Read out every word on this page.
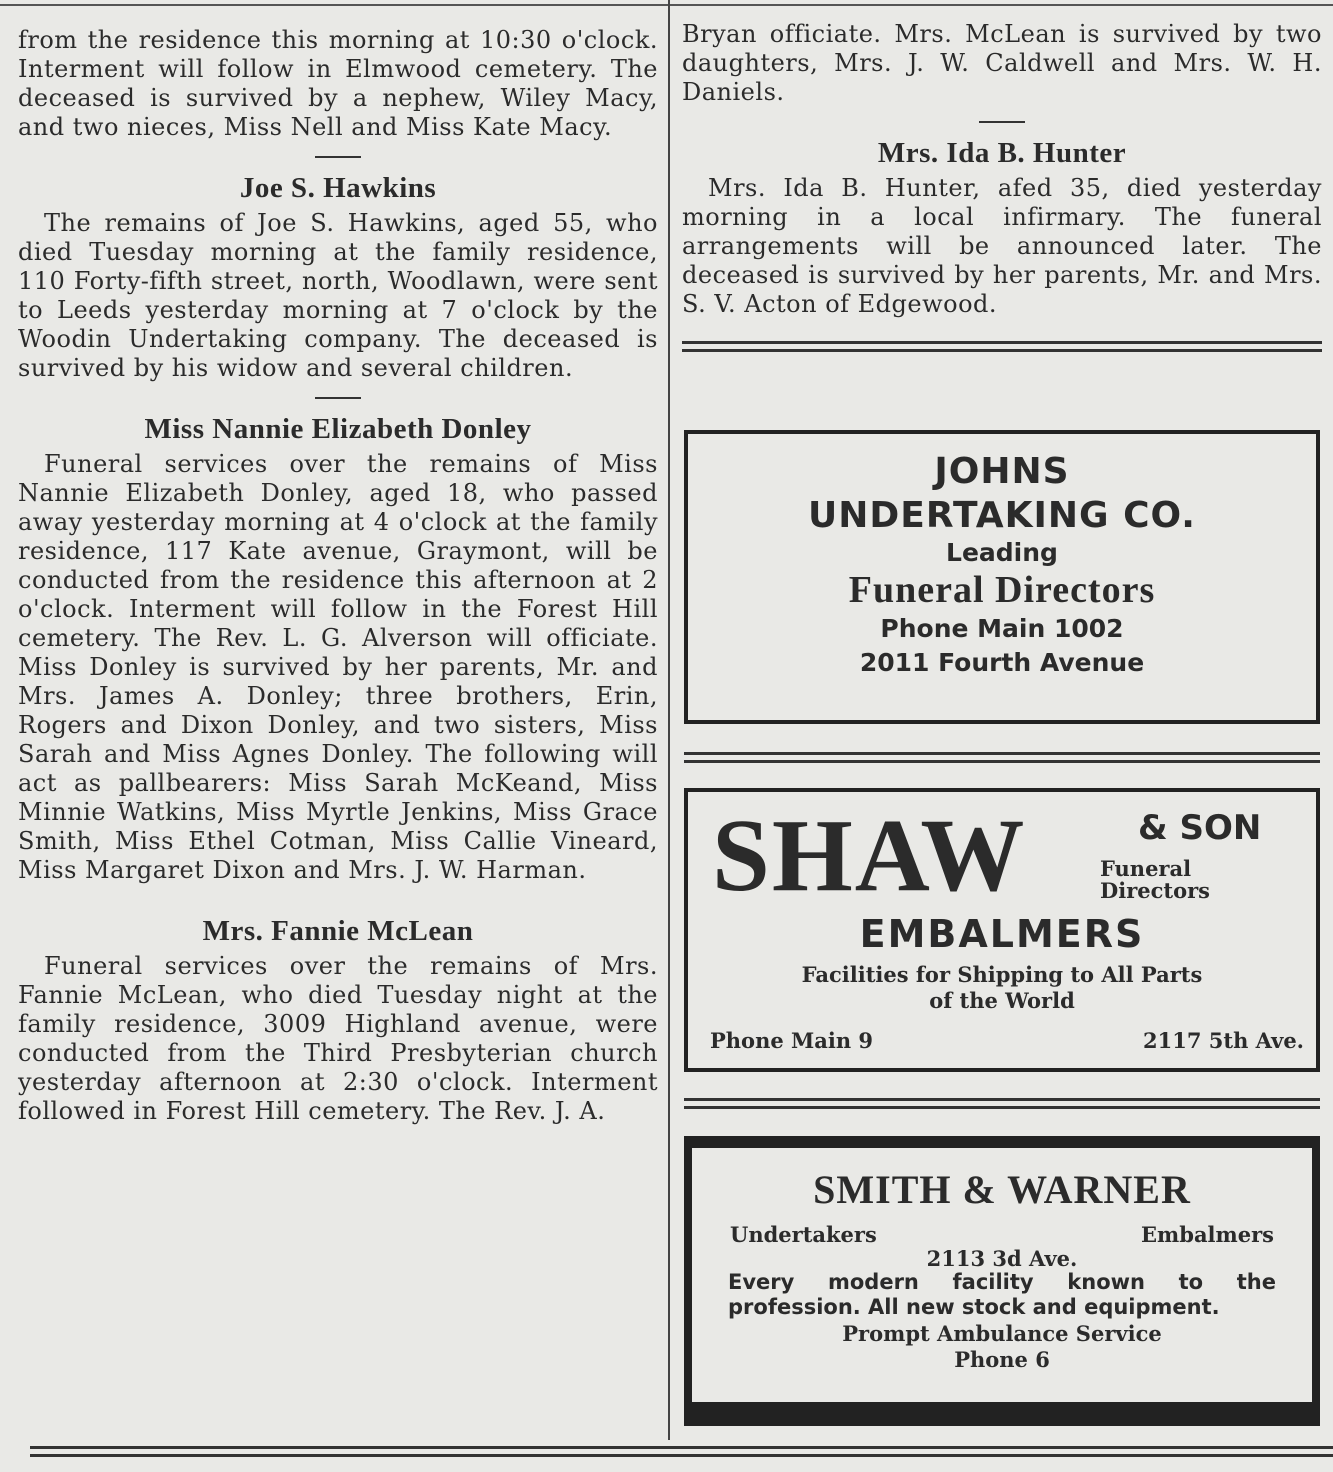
from the residence this morning at 10:30 o'clock. Interment will follow in Elmwood cemetery. The deceased is survived by a nephew, Wiley Macy, and two nieces, Miss Nell and Miss Kate Macy.

Joe S. Hawkins

The remains of Joe S. Hawkins, aged 55, who died Tuesday morning at the family residence, 110 Forty-fifth street, north, Woodlawn, were sent to Leeds yesterday morning at 7 o'clock by the Woodin Undertaking company. The deceased is survived by his widow and several children.

Miss Nannie Elizabeth Donley

Funeral services over the remains of Miss Nannie Elizabeth Donley, aged 18, who passed away yesterday morning at 4 o'clock at the family residence, 117 Kate avenue, Graymont, will be conducted from the residence this afternoon at 2 o'clock. Interment will follow in the Forest Hill cemetery. The Rev. L. G. Alverson will officiate. Miss Donley is survived by her parents, Mr. and Mrs. James A. Donley; three brothers, Erin, Rogers and Dixon Donley, and two sisters, Miss Sarah and Miss Agnes Donley. The following will act as pallbearers: Miss Sarah McKeand, Miss Minnie Watkins, Miss Myrtle Jenkins, Miss Grace Smith, Miss Ethel Cotman, Miss Callie Vineard, Miss Margaret Dixon and Mrs. J. W. Harman.

Mrs. Fannie McLean

Funeral services over the remains of Mrs. Fannie McLean, who died Tuesday night at the family residence, 3009 Highland avenue, were conducted from the Third Presbyterian church yesterday afternoon at 2:30 o'clock. Interment followed in Forest Hill cemetery. The Rev. J. A.

Bryan officiate. Mrs. McLean is survived by two daughters, Mrs. J. W. Caldwell and Mrs. W. H. Daniels.

Mrs. Ida B. Hunter

Mrs. Ida B. Hunter, afed 35, died yesterday morning in a local infirmary. The funeral arrangements will be announced later. The deceased is survived by her parents, Mr. and Mrs. S. V. Acton of Edgewood.

JOHNS
UNDERTAKING CO.
Leading
Funeral Directors
Phone Main 1002
2011 Fourth Avenue
SHAW	& SON
Funeral
Directors
EMBALMERS
Facilities for Shipping to All Parts
of the World
Phone Main 9	2117 5th Ave.
SMITH & WARNER
Undertakers	Embalmers
2113 3d Ave.
Every modern facility known to the profession. All new stock and equipment.
Prompt Ambulance Service
Phone 6
